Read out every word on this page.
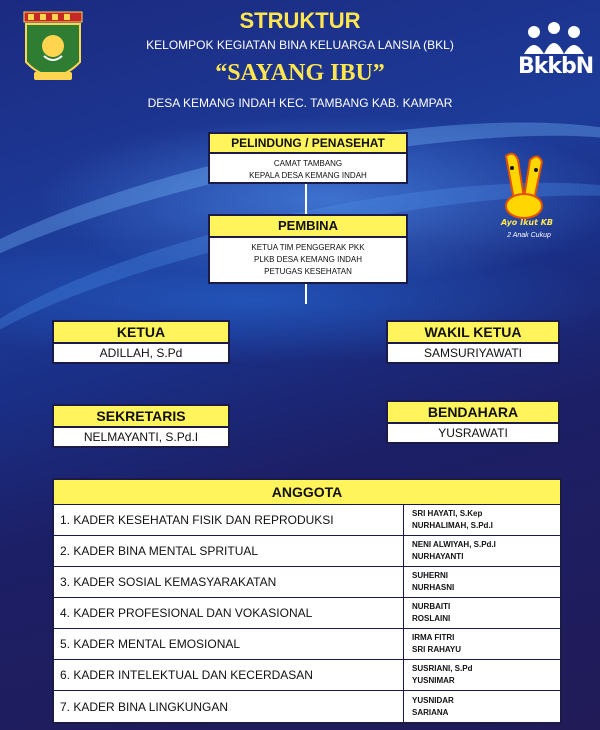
BkkbN
Ayo Ikut KB
2 Anak Cukup
STRUKTUR
KELOMPOK KEGIATAN BINA KELUARGA LANSIA (BKL)
“SAYANG IBU”
DESA KEMANG INDAH KEC. TAMBANG KAB. KAMPAR
PELINDUNG / PENASEHAT
CAMAT TAMBANG
KEPALA DESA KEMANG INDAH
PEMBINA
KETUA TIM PENGGERAK PKK
PLKB DESA KEMANG INDAH
PETUGAS KESEHATAN
KETUA
ADILLAH, S.Pd
WAKIL KETUA
SAMSURIYAWATI
SEKRETARIS
NELMAYANTI, S.Pd.I
BENDAHARA
YUSRAWATI
ANGGOTA
1. KADER KESEHATAN FISIK DAN REPRODUKSI	SRI HAYATI, S.Kep
NURHALIMAH, S.Pd.I
2. KADER BINA MENTAL SPRITUAL	NENI ALWIYAH, S.Pd.I
NURHAYANTI
3. KADER SOSIAL KEMASYARAKATAN	SUHERNI
NURHASNI
4. KADER PROFESIONAL DAN VOKASIONAL	NURBAITI
ROSLAINI
5. KADER MENTAL EMOSIONAL	IRMA FITRI
SRI RAHAYU
6. KADER INTELEKTUAL DAN KECERDASAN	SUSRIANI, S.Pd
YUSNIMAR
7. KADER BINA LINGKUNGAN	YUSNIDAR
SARIANA
